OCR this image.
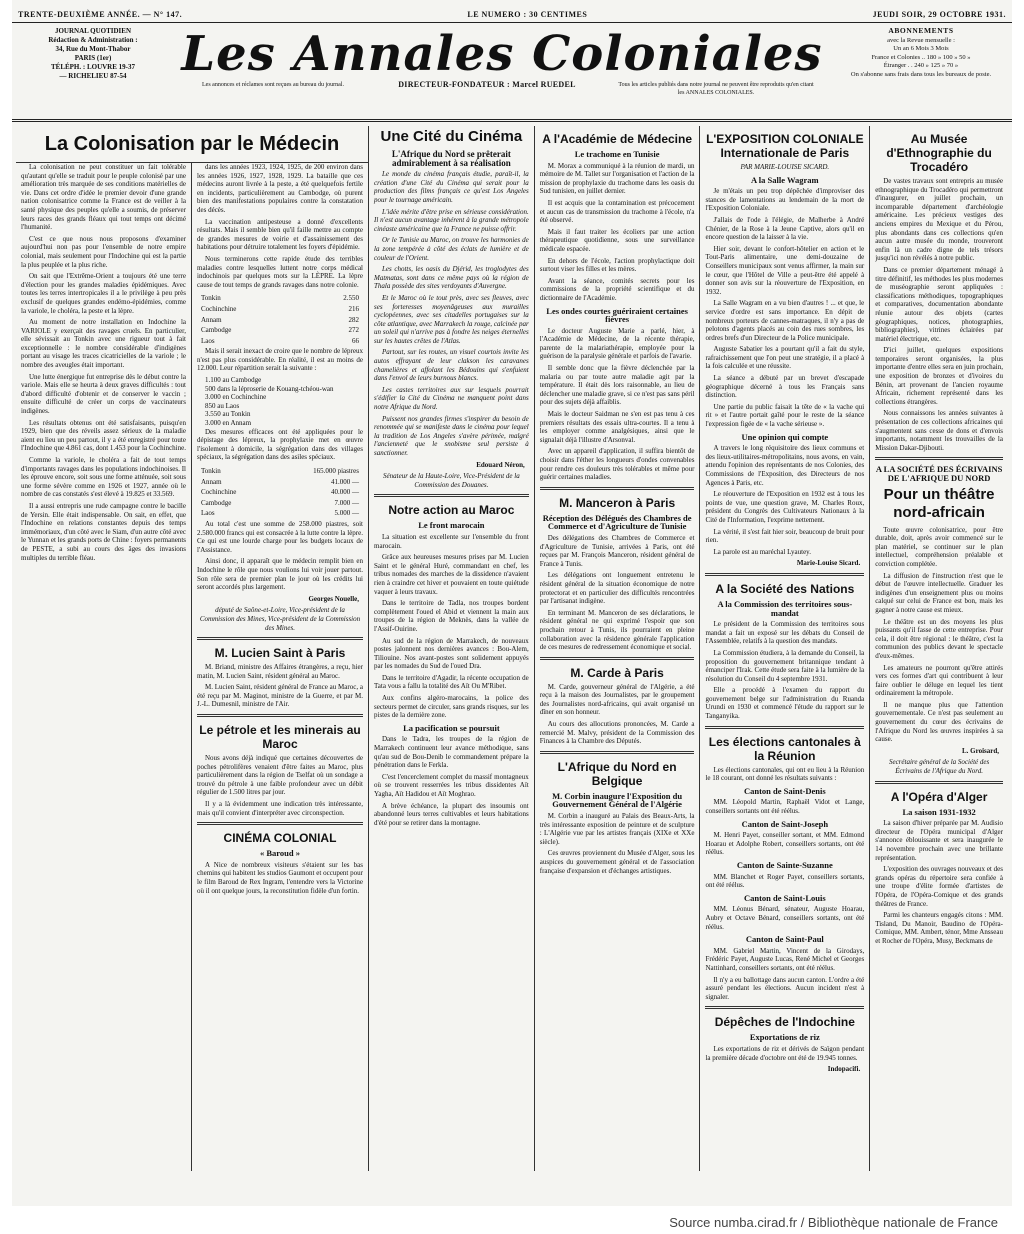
TRENTE-DEUXIÈME ANNÉE. — N° 147.	LE NUMERO : 30 CENTIMES	JEUDI SOIR, 29 OCTOBRE 1931.
JOURNAL QUOTIDIEN
Rédaction & Administration :
34, Rue du Mont-Thabor
PARIS (1er)
TÉLÉPH. : LOUVRE 19-37
— RICHELIEU 87-54	Les Annales Coloniales
Les annonces et réclames sont reçues au bureau du journal.	DIRECTEUR-FONDATEUR : Marcel RUEDEL	Tous les articles publiés dans notre journal ne peuvent être reproduits qu'en citant les ANNALES COLONIALES.
ABONNEMENTS
avec la Revue mensuelle :
Un an 6 Mois 3 Mois
France et Colonies .. 180 » 100 » 50 »
Étranger . . 240 » 125 » 70 »
On s'abonne sans frais dans tous les bureaux de poste.
La Colonisation par le Médecin

La colonisation ne peut constituer un fait tolérable qu'autant qu'elle se traduit pour le peuple colonisé par une amélioration très marquée de ses conditions matérielles de vie. Dans cet ordre d'idée le premier devoir d'une grande nation colonisatrice comme la France est de veiller à la santé physique des peuples qu'elle a soumis, de préserver leurs races des grands fléaux qui tout temps ont décimé l'humanité.

C'est ce que nous nous proposons d'examiner aujourd'hui non pas pour l'ensemble de notre empire colonial, mais seulement pour l'Indochine qui est la partie la plus peuplée et la plus riche.

On sait que l'Extrême-Orient a toujours été une terre d'élection pour les grandes maladies épidémiques. Avec toutes les terres intertropicales il a le privilège à peu près exclusif de quelques grandes endémo-épidémies, comme la variole, le choléra, la peste et la lèpre.

Au moment de notre installation en Indochine la VARIOLE y exerçait des ravages cruels. En particulier, elle sévissait au Tonkin avec une rigueur tout à fait exceptionnelle : le nombre considérable d'indigènes portant au visage les traces cicatricielles de la variole ; le nombre des aveugles était important.

Une lutte énergique fut entreprise dès le début contre la variole. Mais elle se heurta à deux graves difficultés : tout d'abord difficulté d'obtenir et de conserver le vaccin ; ensuite difficulté de créer un corps de vaccinateurs indigènes.

Les résultats obtenus ont été satisfaisants, puisqu'en 1929, bien que des réveils assez sérieux de la maladie aient eu lieu un peu partout, il y a été enregistré pour toute l'Indochine que 4.861 cas, dont 1.453 pour la Cochinchine.

Comme la variole, le choléra a fait de tout temps d'importants ravages dans les populations indochinoises. Il les éprouve encore, soit sous une forme atténuée, soit sous une forme sévère comme en 1926 et 1927, année où le nombre de cas constatés s'est élevé à 19.825 et 33.569.

Il a aussi entrepris une rude campagne contre le bacille de Yersin. Elle était indispensable. On sait, en effet, que l'Indochine en relations constantes depuis des temps immémoriaux, d'un côté avec le Siam, d'un autre côté avec le Yunnan et les grands ports de Chine : foyers permanents de PESTE, a subi au cours des âges des invasions multiples du terrible fléau.

dans les années 1923, 1924, 1925, de 200 environ dans les années 1926, 1927, 1928, 1929. La bataille que ces médecins auront livrée à la peste, a été quelquefois fertile en incidents, particulièrement au Cambodge, où purent bien des manifestations populaires contre la constatation des décès.

La vaccination antipesteuse a donné d'excellents résultats. Mais il semble bien qu'il faille mettre au compte de grandes mesures de voirie et d'assainissement des habitations pour détruire totalement les foyers d'épidémie.

Nous terminerons cette rapide étude des terribles maladies contre lesquelles luttent notre corps médical indochinois par quelques mots sur la LÈPRE. La lèpre cause de tout temps de grands ravages dans notre colonie.

Tonkin	2.550
Cochinchine	216
Annam	282
Cambodge	272
Laos	66

Mais il serait inexact de croire que le nombre de lépreux n'est pas plus considérable. En réalité, il est au moins de 12.000. Leur répartition serait la suivante :

1.100 au Cambodge
500 dans la léproserie de Kouang-tchéou-wan
3.000 en Cochinchine
850 au Laos
3.550 au Tonkin
3.000 en Annam

Des mesures efficaces ont été appliquées pour le dépistage des lépreux, la prophylaxie met en œuvre l'isolement à domicile, la ségrégation dans des villages spéciaux, la ségrégation dans des asiles spéciaux.

Tonkin	165.000 piastres
Annam	41.000 —
Cochinchine	40.000 —
Cambodge	7.000 —
Laos	5.000 —

Au total c'est une somme de 258.000 piastres, soit 2.580.000 francs qui est consacrée à la lutte contre la lèpre. Ce qui est une lourde charge pour les budgets locaux de l'Assistance.

Ainsi donc, il apparaît que le médecin remplit bien en Indochine le rôle que nous voulions lui voir jouer partout. Son rôle sera de premier plan le jour où les crédits lui seront accordés plus largement.

Georges Nouelle,
député de Saône-et-Loire, Vice-président de la Commission des Mines, Vice-président de la Commission des Mines.
M. Lucien Saint à Paris

M. Briand, ministre des Affaires étrangères, a reçu, hier matin, M. Lucien Saint, résident général au Maroc.

M. Lucien Saint, résident général de France au Maroc, a été reçu par M. Maginot, ministre de la Guerre, et par M. J.-L. Dumesnil, ministre de l'Air.

Le pétrole et les minerais au Maroc

Nous avons déjà indiqué que certaines découvertes de poches pétrolifères venaient d'être faites au Maroc, plus particulièrement dans la région de Tselfat où un sondage a trouvé du pétrole à une faible profondeur avec un débit régulier de 1.500 litres par jour.

Il y a là évidemment une indication très intéressante, mais qu'il convient d'interpréter avec circonspection.

CINÉMA COLONIAL
« Baroud »

A Nice de nombreux visiteurs s'étaient sur les bas chemins qui habitent les studios Gaumont et occupent pour le film Baroud de Rex Ingram, l'entendre vers la Victorine où il ont quelque jours, la reconstitution fidèle d'un fortin.

Une Cité du Cinéma
L'Afrique du Nord se prêterait admirablement à sa réalisation

Le monde du cinéma français étudie, paraît-il, la création d'une Cité du Cinéma qui serait pour la production des films français ce qu'est Los Angeles pour le tournage américain.

L'idée mérite d'être prise en sérieuse considération. Il n'est aucun avantage inhérent à la grande métropole cinéaste américaine que la France ne puisse offrir.

Or le Tunisie au Maroc, on trouve les harmonies de la zone tempérée à côté des éclats de lumière et de couleur de l'Orient.

Les chotts, les oasis du Djérid, les troglodytes des Matmatas, sont dans ce même pays où la région de Thala possède des sites verdoyants d'Auvergne.

Et le Maroc où le tout près, avec ses fleuves, avec ses forteresses moyenâgeuses aux murailles cyclopéennes, avec ses citadelles portugaises sur la côte atlantique, avec Marrakech la rouge, calcinée par un soleil qui n'arrive pas à fondre les neiges éternelles sur les hautes crêtes de l'Atlas.

Partout, sur les routes, un visuel courtois invite les autos effrayant de leur clakson les caravanes chamelières et affolant les Bédouins qui s'enfuient dans l'envol de leurs burnous blancs.

Les castes territoires aux sur lesquels pourrait s'édifier la Cité du Cinéma ne manquent point dans notre Afrique du Nord.

Puissent nos grandes firmes s'inspirer du besoin de renommée qui se manifeste dans le cinéma pour lequel la tradition de Los Angeles s'avère périmée, malgré l'ancienneté que le snobisme seul persiste à sanctionner.

Edouard Néron,
Sénateur de la Haute-Loire, Vice-Président de la Commission des Douanes.
Notre action au Maroc
Le front marocain

La situation est excellente sur l'ensemble du front marocain.

Grâce aux heureuses mesures prises par M. Lucien Saint et le général Huré, commandant en chef, les tribus nomades des marches de la dissidence n'avaient rien à craindre cet hiver et pouvaient en toute quiétude vaquer à leurs travaux.

Dans le territoire de Tadla, nos troupes bordent complètement l'oued el Abid et viennent la main aux troupes de la région de Meknès, dans la vallée de l'Assif-Ouirine.

Au sud de la région de Marrakech, de nouveaux postes jalonnent nos dernières avances : Bou-Alem, Tiliouine. Nos avant-postes sont solidement appuyés par les nomades du Sud de l'oued Dra.

Dans le territoire d'Agadir, la récente occupation de Tata vous a fallu la totalité des Aït Ou M'Ribet.

Aux confins algéro-marocains, la police des secteurs permet de circuler, sans grands risques, sur les pistes de la dernière zone.

La pacification se poursuit

Dans le Tadra, les troupes de la région de Marrakech continuent leur avance méthodique, sans qu'au sud de Bou-Denib le commandement prépare la pénétration dans le Ferkla.

C'est l'encerclement complet du massif montagneux où se trouvent resserrées les tribus dissidentes Aït Yagha, Aït Hadidou et Aït Moghrao.

A brève échéance, la plupart des insoumis ont abandonné leurs terres cultivables et leurs habitations d'été pour se retirer dans la montagne.

A l'Académie de Médecine
Le trachome en Tunisie

M. Morax a communiqué à la réunion de mardi, un mémoire de M. Tallet sur l'organisation et l'action de la mission de prophylaxie du trachome dans les oasis du Sud tunisien, en juillet dernier.

Il est acquis que la contamination est précocement et aucun cas de transmission du trachome à l'école, n'a été observé.

Mais il faut traiter les écoliers par une action thérapeutique quotidienne, sous une surveillance médicale espacée.

En dehors de l'école, l'action prophylactique doit surtout viser les filles et les mères.

Avant la séance, comités secrets pour les commissions de la propriété scientifique et du dictionnaire de l'Académie.

Les ondes courtes guériraient certaines fièvres

Le docteur Auguste Marie a parlé, hier, à l'Académie de Médecine, de la récente thérapie, parente de la malariathérapie, employée pour la guérison de la paralysie générale et parfois de l'avarie.

Il semble donc que la fièvre déclenchée par la malaria ou par toute autre maladie agit par la température. Il était dès lors raisonnable, au lieu de déclencher une maladie grave, si ce n'est pas sans péril pour des sujets déjà affaiblis.

Mais le docteur Saidman ne s'en est pas tenu à ces premiers résultats des essais ultra-courtes. Il a tenu à les employer comme analgésiques, ainsi que le signalait déjà l'illustre d'Arsonval.

Avec un appareil d'application, il suffira bientôt de choisir dans l'éther les longueurs d'ondes convenables pour rendre ces douleurs très tolérables et même pour guérir certaines maladies.

M. Manceron à Paris
Réception des Délégués des Chambres de Commerce et d'Agriculture de Tunisie

Des délégations des Chambres de Commerce et d'Agriculture de Tunisie, arrivées à Paris, ont été reçues par M. François Manceron, résident général de France à Tunis.

Les délégations ont longuement entretenu le résident général de la situation économique de notre protectorat et en particulier des difficultés rencontrées par l'artisanat indigène.

En terminant M. Manceron de ses déclarations, le résident général ne qui exprimé l'espoir que son prochain retour à Tunis, ils pourraient en pleine collaboration avec la résidence générale l'application de ces mesures de redressement économique et social.

M. Carde à Paris

M. Carde, gouverneur général de l'Algérie, a été reçu à la maison des Journalistes, par le groupement des Journalistes nord-africains, qui avait organisé un dîner en son honneur.

Au cours des allocutions prononcées, M. Carde a remercié M. Malvy, président de la Commission des Finances à la Chambre des Députés.

L'Afrique du Nord en Belgique
M. Corbin inaugure l'Exposition du Gouvernement Général de l'Algérie

M. Corbin a inauguré au Palais des Beaux-Arts, la très intéressante exposition de peinture et de sculpture : L'Algérie vue par les artistes français (XIXe et XXe siècle).

Ces œuvres proviennent du Musée d'Alger, sous les auspices du gouvernement général et de l'association française d'expansion et d'échanges artistiques.

L'EXPOSITION COLONIALE Internationale de Paris
PAR MARIE-LOUISE SICARD.
A la Salle Wagram

Je m'étais un peu trop dépêchée d'improviser des stances de lamentations au lendemain de la mort de l'Exposition Coloniale.

J'allais de l'ode à l'élégie, de Malherbe à André Chénier, de la Rose à la Jeune Captive, alors qu'il en encore question de la laisser à la vie.

Hier soir, devant le confort-hôtelier en action et le Tout-Paris alimentaire, une demi-douzaine de Conseillers municipaux sont venus affirmer, la main sur le cœur, que l'Hôtel de Ville a peut-être été appelé à donner son avis sur la réouverture de l'Exposition, en 1932.

La Salle Wagram en a vu bien d'autres ! ... et que, le service d'ordre est sans importance. En dépit de nombreux porteurs de cannes-matraques, il n'y a pas de pelotons d'agents placés au coin des rues sombres, les ordres brefs d'un Directeur de la Police municipale.

Auguste Sabatier les a pourtant qu'il a fait du style, rafraichissement que l'on peut une stratégie, il a placé à la fois calculée et une réussite.

La séance a débuté par un brevet d'escapade géographique décerné à tous les Français sans distinction.

Une partie du public faisait la tête de « la vache qui rit » et l'autre portait gaîté pour le reste de la séance l'expression figée de « la vache sérieuse ».

Une opinion qui compte

A travers le long réquisitoire des lieux communs et des lieux-utilitaires-métropolitains, nous avons, en vain, attendu l'opinion des représentants de nos Colonies, des Commissions de l'Exposition, des Directeurs de nos Agences à Paris, etc.

Le réouverture de l'Exposition en 1932 est à tous les points de vue, une question grave, M. Charles Roux, président du Congrès des Cultivateurs Nationaux à la Cité de l'Information, l'exprime nettement.

La vérité, il s'est fait hier soir, beaucoup de bruit pour rien.

La parole est au maréchal Lyautey.

Marie-Louise Sicard.
A la Société des Nations
A la Commission des territoires sous-mandat

Le président de la Commission des territoires sous mandat a fait un exposé sur les débats du Conseil de l'Assemblée, relatifs à la question des mandats.

La Commission étudiera, à la demande du Conseil, la proposition du gouvernement britannique tendant à émanciper l'Irak. Cette étude sera faite à la lumière de la résolution du Conseil du 4 septembre 1931.

Elle a procédé à l'examen du rapport du gouvernement belge sur l'administration du Ruanda Urundi en 1930 et commencé l'étude du rapport sur le Tanganyika.

Les élections cantonales à la Réunion

Les élections cantonales, qui ont eu lieu à la Réunion le 18 courant, ont donné les résultats suivants :

Canton de Saint-Denis

MM. Léopold Martin, Raphaël Vidot et Lange, conseillers sortants ont été réélus.

Canton de Saint-Joseph

M. Henri Payet, conseiller sortant, et MM. Edmond Hoarau et Adolphe Robert, conseillers sortants, ont été réélus.

Canton de Sainte-Suzanne

MM. Blanchet et Roger Payet, conseillers sortants, ont été réélus.

Canton de Saint-Louis

MM. Léonus Bénard, sénateur, Auguste Hoarau, Aubry et Octave Bénard, conseillers sortants, ont été réélus.

Canton de Saint-Paul

MM. Gabriel Martin, Vincent de la Girodays, Frédéric Payet, Auguste Lucas, René Michel et Georges Nattinhard, conseillers sortants, ont été réélus.

Il n'y a eu ballottage dans aucun canton. L'ordre a été assuré pendant les élections. Aucun incident n'est à signaler.

Dépêches de l'Indochine
Exportations de riz

Les exportations de riz et dérivés de Saïgon pendant la première décade d'octobre ont été de 19.945 tonnes.

Indopacifi.
Au Musée d'Ethnographie du Trocadéro

De vastes travaux sont entrepris au musée ethnographique du Trocadéro qui permettront d'inaugurer, en juillet prochain, un incomparable département d'archéologie américaine. Les précieux vestiges des anciens empires du Mexique et du Pérou, plus abondants dans ces collections qu'en aucun autre musée du monde, trouveront enfin là un cadre digne de tels trésors jusqu'ici non révélés à notre public.

Dans ce premier département ménagé à titre définitif, les méthodes les plus modernes de muséographie seront appliquées : classifications méthodiques, topographiques et comparatives, documentation abondante réunie autour des objets (cartes géographiques, notices, photographies, bibliographies), vitrines éclairées par matériel électrique, etc.

D'ici juillet, quelques expositions temporaires seront organisées, la plus importante d'entre elles sera en juin prochain, une exposition de bronzes et d'ivoires du Bénin, art provenant de l'ancien royaume Africain, richement représenté dans les collections étrangères.

Nous connaissons les années suivantes à présentation de ces collections africaines qui s'augmentent sans cesse de dons et d'envois importants, notamment les trouvailles de la Mission Dakar-Djibouti.

A LA SOCIÉTÉ DES ÉCRIVAINS DE L'AFRIQUE DU NORD
Pour un théâtre nord-africain

Toute œuvre colonisatrice, pour être durable, doit, après avoir commencé sur le plan matériel, se continuer sur le plan intellectuel, compréhension préalable et conviction complétée.

La diffusion de l'instruction n'est que le début de l'œuvre intellectuelle. Graduer les indigènes d'un enseignement plus ou moins calqué sur celui de France est bon, mais les gagner à notre cause est mieux.

Le théâtre est un des moyens les plus puissants qu'il fasse de cette entreprise. Pour cela, il doit être régional : le théâtre, c'est la communion des publics devant le spectacle d'eux-mêmes.

Les amateurs ne pourront qu'être attirés vers ces formes d'art qui contribuent à leur faire oublier le déluge en lequel les tient ordinairement la métropole.

Il ne manque plus que l'attention gouvernementale. Ce n'est pas seulement au gouvernement du cœur des écrivains de l'Afrique du Nord les œuvres inspirées à sa cause.

L. Groisard,
Secrétaire général de la Société des Écrivains de l'Afrique du Nord.
A l'Opéra d'Alger
La saison 1931-1932

La saison d'hiver préparée par M. Audisio directeur de l'Opéra municipal d'Alger s'annonce éblouissante et sera inaugurée le 14 novembre prochain avec une brillante représentation.

L'exposition des ouvrages nouveaux et des grands opéras du répertoire sera confiée à une troupe d'élite formée d'artistes de l'Opéra, de l'Opéra-Comique et des grands théâtres de France.

Parmi les chanteurs engagés citons : MM. Tisland, Du Manoir, Baudino de l'Opéra-Comique, MM. Ambert, ténor, Mme Ansseau et Rocher de l'Opéra, Musy, Beckmans de

Source numba.cirad.fr / Bibliothèque nationale de France
